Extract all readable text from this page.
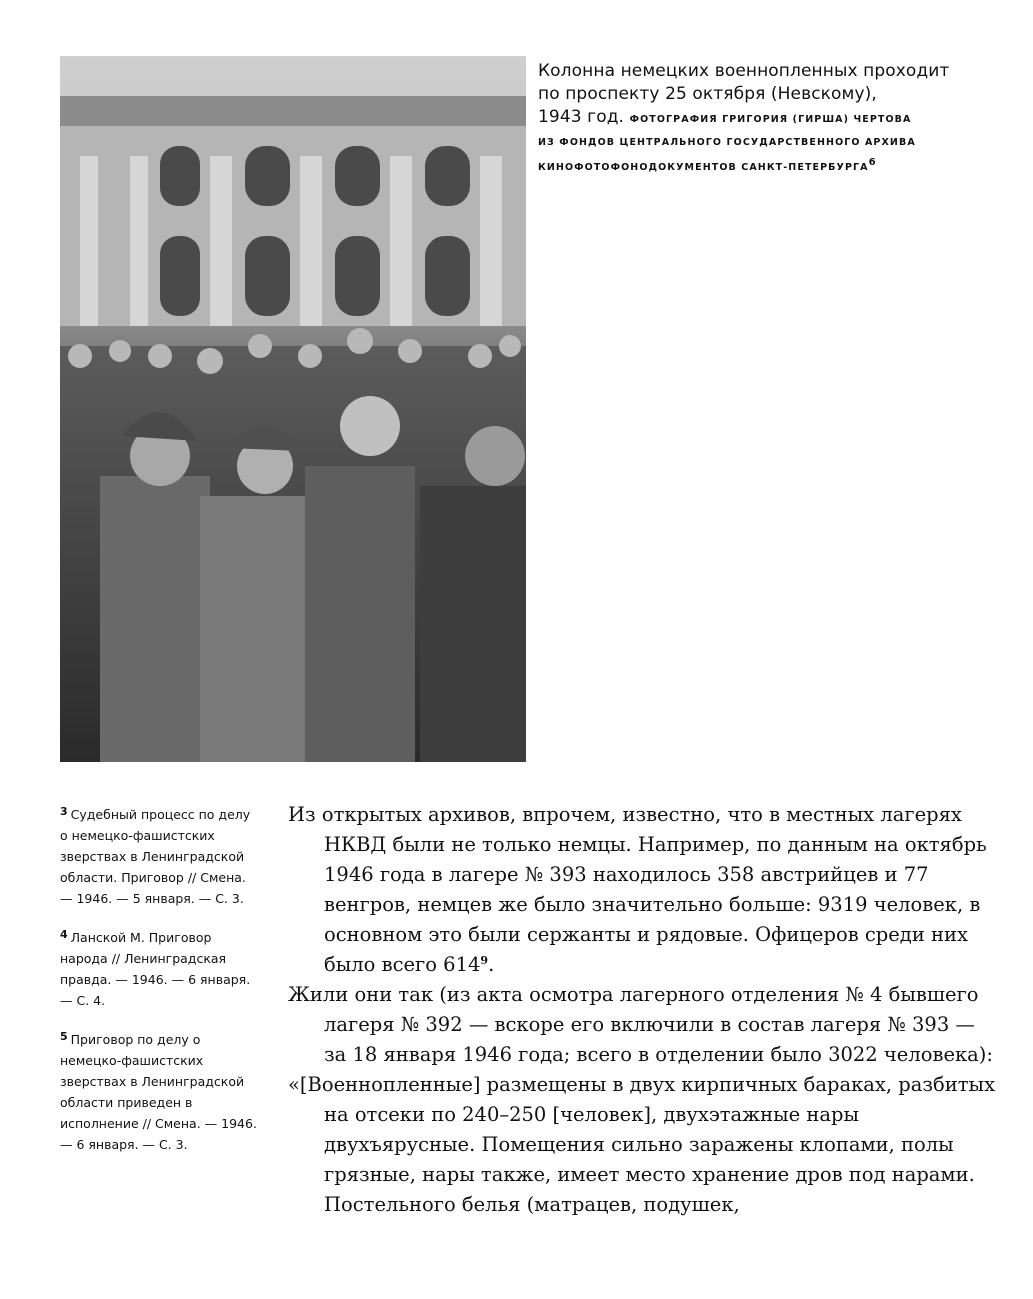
Колонна немецких военнопленных проходит
по проспекту 25 октября (Невскому),
1943 год. ФОТОГРАФИЯ ГРИГОРИЯ (ГИРША) ЧЕРТОВА
ИЗ ФОНДОВ ЦЕНТРАЛЬНОГО ГОСУДАРСТВЕННОГО АРХИВА
КИНОФОТОФОНОДОКУМЕНТОВ САНКТ-ПЕТЕРБУРГА$^6$
3 Судебный процесс по делу о немецко-фашистских зверствах в Ленинградской области. Приговор // Смена. — 1946. — 5 января. — С. 3.
4 Ланской М. Приговор народа // Ленинградская правда. — 1946. — 6 января. — С. 4.
5 Приговор по делу о немецко-фашистских зверствах в Ленинградской области приведен в исполнение // Смена. — 1946. — 6 января. — С. 3.

Из открытых архивов, впрочем, известно, что в местных лагерях НКВД были не только немцы. Например, по данным на октябрь 1946 года в лагере № 393 находилось 358 австрийцев и 77 венгров, немцев же было значительно больше: 9319 человек, в основном это были сержанты и рядовые. Офицеров среди них было всего $614^9$.

Жили они так (из акта осмотра лагерного отделения № 4 бывшего лагеря № 392 — вскоре его включили в состав лагеря № 393 — за 18 января 1946 года; всего в отделении было 3022 человека):

«[Военнопленные] размещены в двух кирпичных бараках, разбитых на отсеки по 240–250 [человек], двухэтажные нары двухъярусные. Помещения сильно заражены клопами, полы грязные, нары также, имеет место хранение дров под нарами. Постельного белья (матрацев, подушек,
